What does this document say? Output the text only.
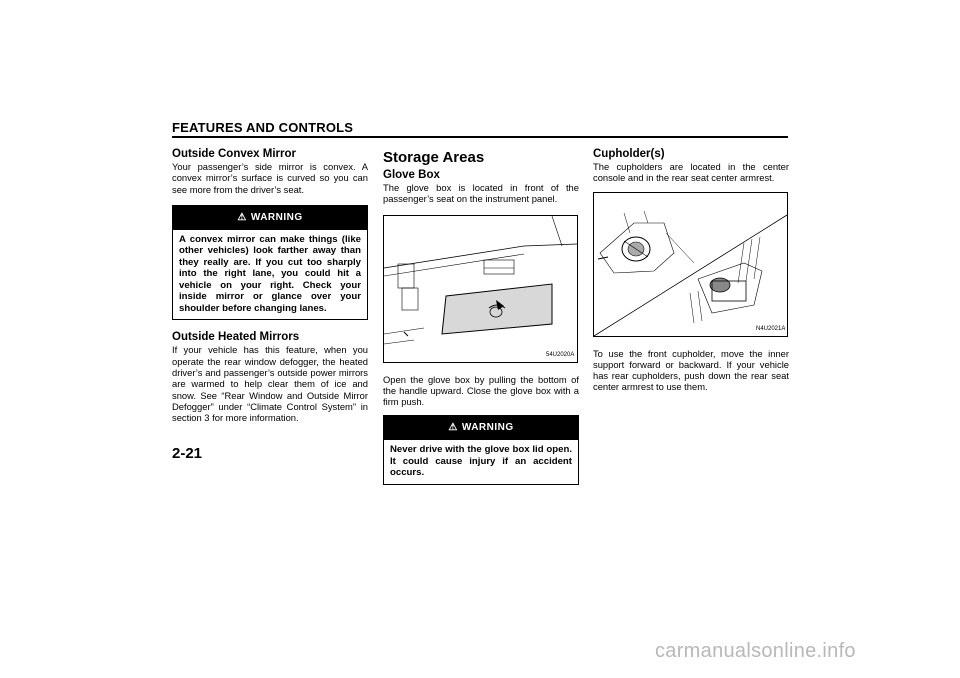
FEATURES AND CONTROLS
Outside Convex Mirror

Your passenger’s side mirror is convex. A convex mirror’s surface is curved so you can see more from the driver’s seat.

⚠ WARNING
A convex mirror can make things (like other vehicles) look farther away than they really are. If you cut too sharply into the right lane, you could hit a vehicle on your right. Check your inside mirror or glance over your shoulder before changing lanes.
Outside Heated Mirrors

If your vehicle has this feature, when you operate the rear window defogger, the heated driver’s and passenger’s outside power mirrors are warmed to help clear them of ice and snow. See “Rear Window and Outside Mirror Defogger” under “Climate Control System” in section 3 for more information.

Storage Areas
Glove Box

The glove box is located in front of the passenger’s seat on the instrument panel.

54U2020A

Open the glove box by pulling the bottom of the handle upward. Close the glove box with a firm push.

⚠ WARNING
Never drive with the glove box lid open. It could cause injury if an accident occurs.
Cupholder(s)

The cupholders are located in the center console and in the rear seat center armrest.

N4U2021A

To use the front cupholder, move the inner support forward or backward. If your vehicle has rear cupholders, push down the rear seat center armrest to use them.

2-21
carmanualsonline.info
